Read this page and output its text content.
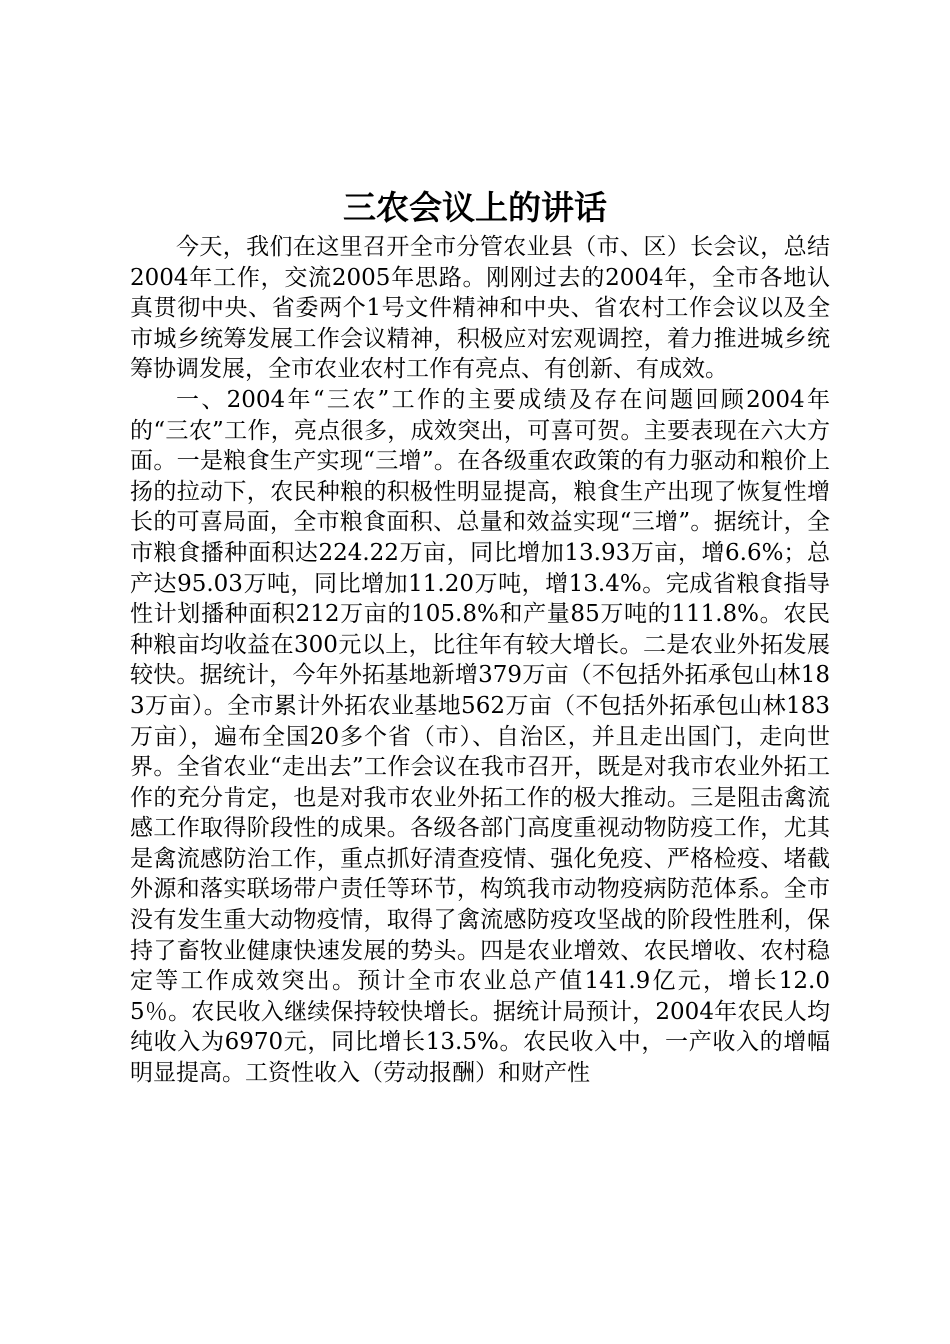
三农会议上的讲话

今天，我们在这里召开全市分管农业县（市、区）长会议，总结2004年工作，交流2005年思路。刚刚过去的2004年，全市各地认真贯彻中央、省委两个1号文件精神和中央、省农村工作会议以及全市城乡统筹发展工作会议精神，积极应对宏观调控，着力推进城乡统筹协调发展，全市农业农村工作有亮点、有创新、有成效。

一、2004年“三农”工作的主要成绩及存在问题回顾2004年的“三农”工作，亮点很多，成效突出，可喜可贺。主要表现在六大方面。一是粮食生产实现“三增”。在各级重农政策的有力驱动和粮价上扬的拉动下，农民种粮的积极性明显提高，粮食生产出现了恢复性增长的可喜局面，全市粮食面积、总量和效益实现“三增”。据统计，全市粮食播种面积达224.22万亩，同比增加13.93万亩，增6.6%；总产达95.03万吨，同比增加11.20万吨，增13.4%。完成省粮食指导性计划播种面积212万亩的105.8%和产量85万吨的111.8%。农民种粮亩均收益在300元以上，比往年有较大增长。二是农业外拓发展较快。据统计，今年外拓基地新增379万亩（不包括外拓承包山林183万亩）。全市累计外拓农业基地562万亩（不包括外拓承包山林183万亩），遍布全国20多个省（市）、自治区，并且走出国门，走向世界。全省农业“走出去”工作会议在我市召开，既是对我市农业外拓工作的充分肯定，也是对我市农业外拓工作的极大推动。三是阻击禽流感工作取得阶段性的成果。各级各部门高度重视动物防疫工作，尤其是禽流感防治工作，重点抓好清查疫情、强化免疫、严格检疫、堵截外源和落实联场带户责任等环节，构筑我市动物疫病防范体系。全市没有发生重大动物疫情，取得了禽流感防疫攻坚战的阶段性胜利，保持了畜牧业健康快速发展的势头。四是农业增效、农民增收、农村稳定等工作成效突出。预计全市农业总产值141.9亿元，增长12.05％。农民收入继续保持较快增长。据统计局预计，2004年农民人均纯收入为6970元，同比增长13.5%。农民收入中，一产收入的增幅明显提高。工资性收入（劳动报酬）和财产性
